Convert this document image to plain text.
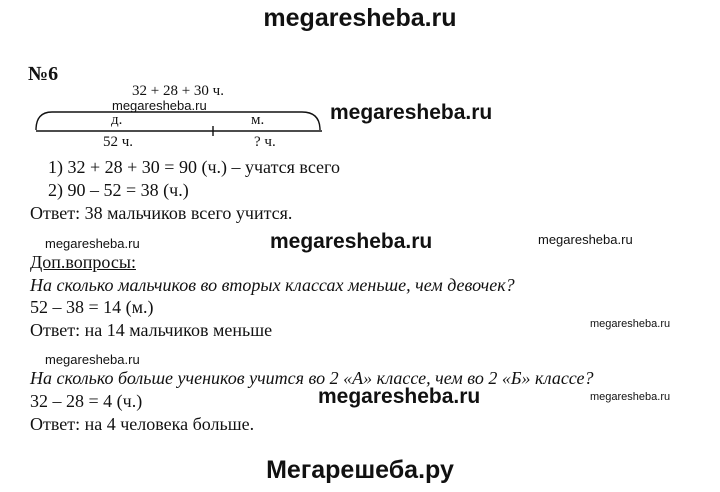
megaresheba.ru
№6
32 + 28 + 30 ч.
д.	м.
52 ч.	? ч.
1) 32 + 28 + 30 = 90 (ч.) – учатся всего
2) 90 – 52 = 38 (ч.)
Ответ: 38 мальчиков всего учится.
Доп.вопросы:
На сколько мальчиков во вторых классах меньше, чем девочек?
52 – 38 = 14 (м.)
Ответ: на 14 мальчиков меньше
На сколько больше учеников учится во 2 «А» классе, чем во 2 «Б» классе?
32 – 28 = 4 (ч.)
Ответ: на 4 человека больше.
megaresheba.ru	megaresheba.ru
megaresheba.ru	megaresheba.ru	megaresheba.ru
megaresheba.ru
megaresheba.ru
megaresheba.ru	megaresheba.ru
Мегарешеба.ру
